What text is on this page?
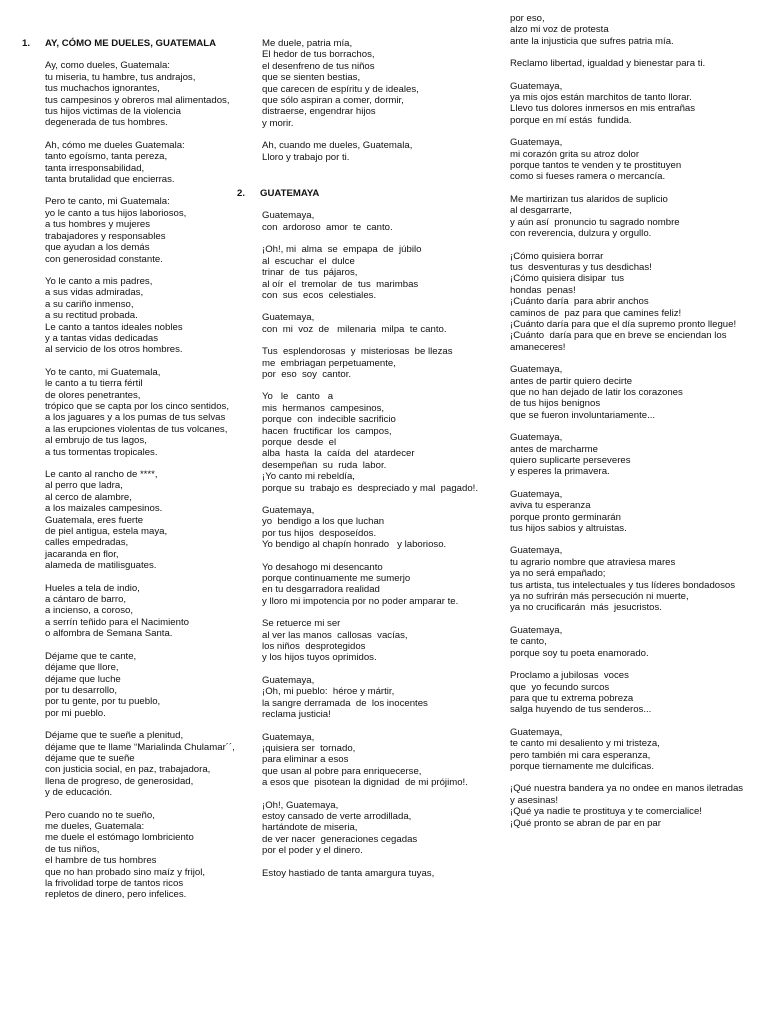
1.	AY, CÓMO ME DUELES, GUATEMALA
Ay, como dueles, Guatemala:
tu miseria, tu hambre, tus andrajos,
tus muchachos ignorantes,
tus campesinos y obreros mal alimentados,
tus hijos victimas de la violencia
degenerada de tus hombres.
Ah, cómo me dueles Guatemala:
tanto egoísmo, tanta pereza,
tanta irresponsabilidad,
tanta brutalidad que encierras.
Pero te canto, mi Guatemala:
yo le canto a tus hijos laboriosos,
a tus hombres y mujeres
trabajadores y responsables
que ayudan a los demás
con generosidad constante.
Yo le canto a mis padres,
a sus vidas admiradas,
a su cariño inmenso,
a su rectitud probada.
Le canto a tantos ideales nobles
y a tantas vidas dedicadas
al servicio de los otros hombres.
Yo te canto, mi Guatemala,
le canto a tu tierra fértil
de olores penetrantes,
trópico que se capta por los cinco sentidos,
a los jaguares y a los pumas de tus selvas
a las erupciones violentas de tus volcanes,
al embrujo de tus lagos,
a tus tormentas tropicales.
Le canto al rancho de ****,
al perro que ladra,
al cerco de alambre,
a los maizales campesinos.
Guatemala, eres fuerte
de piel antigua, estela maya,
calles empedradas,
jacaranda en flor,
alameda de matilisguates.
Hueles a tela de indio,
a cántaro de barro,
a incienso, a coroso,
a serrín teñido para el Nacimiento
o alfombra de Semana Santa.
Déjame que te cante,
déjame que llore,
déjame que luche
por tu desarrollo,
por tu gente, por tu pueblo,
por mi pueblo.
Déjame que te sueñe a plenitud,
déjame que te llame “Marialinda Chulamar´´,
déjame que te sueñe
con justicia social, en paz, trabajadora,
llena de progreso, de generosidad,
y de educación.
Pero cuando no te sueño,
me dueles, Guatemala:
me duele el estómago lombriciento
de tus niños,
el hambre de tus hombres
que no han probado sino maíz y frijol,
la frivolidad torpe de tantos ricos
repletos de dinero, pero infelices.
Me duele, patria mía,
El hedor de tus borrachos,
el desenfreno de tus niños
que se sienten bestias,
que carecen de espíritu y de ideales,
que sólo aspiran a comer, dormir,
distraerse, engendrar hijos
y morir.
Ah, cuando me dueles, Guatemala,
Lloro y trabajo por ti.
2.	GUATEMAYA
Guatemaya,
con  ardoroso  amor  te  canto.
¡Oh!, mi  alma  se  empapa  de  júbilo
al  escuchar  el  dulce
trinar  de  tus  pájaros,
al oír  el  tremolar  de  tus  marimbas
con  sus  ecos  celestiales.
Guatemaya,
con  mi  voz  de   milenaria  milpa  te canto.
Tus  esplendorosas  y  misteriosas  be llezas
me  embriagan perpetuamente,
por  eso  soy  cantor.
Yo   le   canto   a
mis  hermanos  campesinos,
porque  con  indecible sacrificio
hacen  fructificar  los  campos,
porque  desde  el
alba  hasta  la  caída  del  atardecer
desempeñan  su  ruda  labor.
¡Yo canto mi rebeldía,
porque su  trabajo es  despreciado y mal  pagado!.
Guatemaya,
yo  bendigo a los que luchan
por tus hijos  desposeídos.
Yo bendigo al chapín honrado   y laborioso.
Yo desahogo mi desencanto
porque continuamente me sumerjo
en tu desgarradora realidad
y lloro mi impotencia por no poder amparar te.
Se retuerce mi ser
al ver las manos  callosas  vacías,
los niños  desprotegidos
y los hijos tuyos oprimidos.
Guatemaya,
¡Oh, mi pueblo:  héroe y mártir,
la sangre derramada  de  los inocentes
reclama justicia!
Guatemaya,
¡quisiera ser  tornado,
para eliminar a esos
que usan al pobre para enriquecerse,
a esos que  pisotean la dignidad  de mi prójimo!.
¡Oh!, Guatemaya,
estoy cansado de verte arrodillada,
hartándote de miseria,
de ver nacer  generaciones cegadas
por el poder y el dinero.
Estoy hastiado de tanta amargura tuyas,
por eso,
alzo mi voz de protesta
ante la injusticia que sufres patria mía.
Reclamo libertad, igualdad y bienestar para ti.
Guatemaya,
ya mis ojos están marchitos de tanto llorar.
Llevo tus dolores inmersos en mis entrañas
porque en mí estás  fundida.
Guatemaya,
mi corazón grita su atroz dolor
porque tantos te venden y te prostituyen
como si fueses ramera o mercancía.
Me martirizan tus alaridos de suplicio
al desgarrarte,
y aún así  pronuncio tu sagrado nombre
con reverencia, dulzura y orgullo.
¡Cómo quisiera borrar
tus  desventuras y tus desdichas!
¡Cómo quisiera disipar  tus
hondas  penas!
¡Cuánto daría  para abrir anchos
caminos de  paz para que camines feliz!
¡Cuánto daría para que el día supremo pronto llegue!
¡Cuánto  daría para que en breve se enciendan los amaneceres!
Guatemaya,
antes de partir quiero decirte
que no han dejado de latir los corazones
de tus hijos benignos
que se fueron involuntariamente...
Guatemaya,
antes de marcharme
quiero suplicarte perseveres
y esperes la primavera.
Guatemaya,
aviva tu esperanza
porque pronto germinarán
tus hijos sabios y altruistas.
Guatemaya,
tu agrario nombre que atraviesa mares
ya no será empañado;
tus artista, tus intelectuales y tus líderes bondadosos
ya no sufrirán más persecución ni muerte,
ya no crucificarán  más  jesucristos.
Guatemaya,
te canto,
porque soy tu poeta enamorado.
Proclamo a jubilosas  voces
que  yo fecundo surcos
para que tu extrema pobreza
salga huyendo de tus senderos...
Guatemaya,
te canto mi desaliento y mi tristeza,
pero también mi cara esperanza,
porque tiernamente me dulcificas.
¡Qué nuestra bandera ya no ondee en manos iletradas y asesinas!
¡Qué ya nadie te prostituya y te comercialice!
¡Qué pronto se abran de par en par
